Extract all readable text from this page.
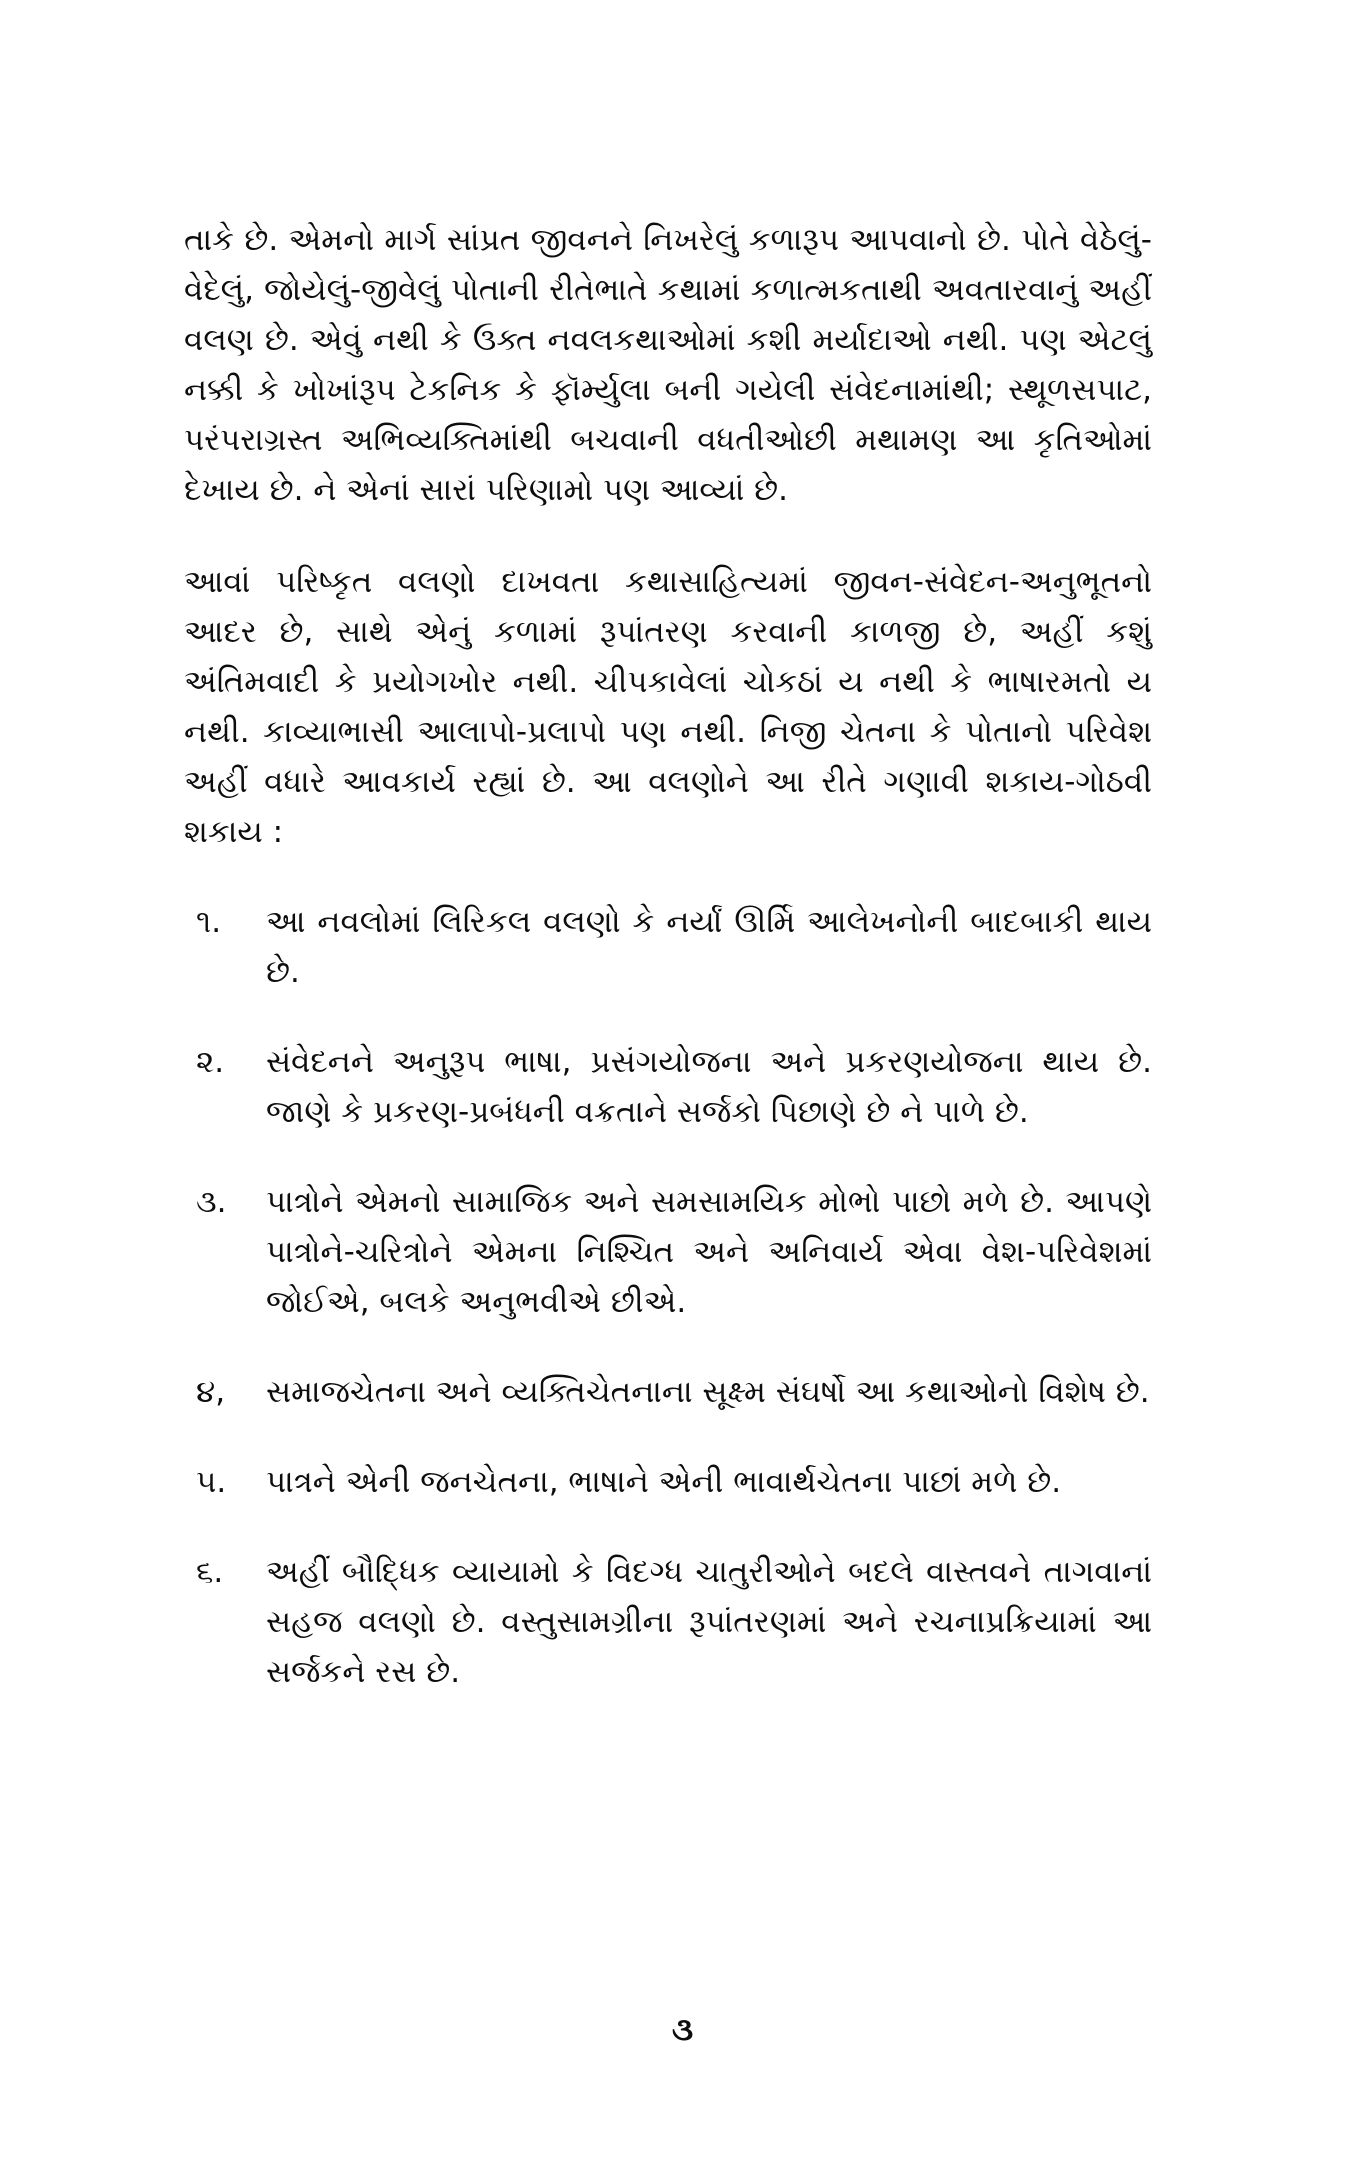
તાકે છે. એમનો માર્ગ સાંપ્રત જીવનને નિખરેલું કળારૂપ આપવાનો છે. પોતે વેઠેલું-વેદેલું, જોયેલું-જીવેલું પોતાની રીતેભાતે કથામાં કળાત્મકતાથી અવતારવાનું અહીં વલણ છે. એવું નથી કે ઉક્ત નવલકથાઓમાં કશી મર્યાદાઓ નથી. પણ એટલું નક્કી કે ખોખાંરૂપ ટેકનિક કે ફૉર્મ્યુલા બની ગયેલી સંવેદનામાંથી; સ્થૂળસપાટ, પરંપરાગ્રસ્ત અભિવ્યક્તિમાંથી બચવાની વધતીઓછી મથામણ આ કૃતિઓમાં દેખાય છે. ને એનાં સારાં પરિણામો પણ આવ્યાં છે.

આવાં પરિષ્કૃત વલણો દાખવતા કથાસાહિત્યમાં જીવન-સંવેદન-અનુભૂતનો આદર છે, સાથે એનું કળામાં રૂપાંતરણ કરવાની કાળજી છે, અહીં કશું અંતિમવાદી કે પ્રયોગખોર નથી. ચીપકાવેલાં ચોકઠાં ય નથી કે ભાષારમતો ય નથી. કાવ્યાભાસી આલાપો-પ્રલાપો પણ નથી. નિજી ચેતના કે પોતાનો પરિવેશ અહીં વધારે આવકાર્ય રહ્યાં છે. આ વલણોને આ રીતે ગણાવી શકાય-ગોઠવી શકાય :

૧. આ નવલોમાં લિરિકલ વલણો કે નર્યાં ઊર્મિ આલેખનોની બાદબાકી થાય છે.
૨. સંવેદનને અનુરૂપ ભાષા, પ્રસંગયોજના અને પ્રકરણયોજના થાય છે. જાણે કે પ્રકરણ-પ્રબંધની વક્રતાને સર્જકો પિછાણે છે ને પાળે છે.
૩. પાત્રોને એમનો સામાજિક અને સમસામયિક મોભો પાછો મળે છે. આપણે પાત્રોને-ચરિત્રોને એમના નિશ્ચિત અને અનિવાર્ય એવા વેશ-પરિવેશમાં જોઈએ, બલકે અનુભવીએ છીએ.
૪, સમાજચેતના અને વ્યક્તિચેતનાના સૂક્ષ્મ સંઘર્ષો આ કથાઓનો વિશેષ છે.
૫. પાત્રને એની જનચેતના, ભાષાને એની ભાવાર્થચેતના પાછાં મળે છે.
૬. અહીં બૌદ્ધિક વ્યાયામો કે વિદગ્ધ ચાતુરીઓને બદલે વાસ્તવને તાગવાનાં સહજ વલણો છે. વસ્તુસામગ્રીના રૂપાંતરણમાં અને રચનાપ્રક્રિયામાં આ સર્જકને રસ છે.
૩
